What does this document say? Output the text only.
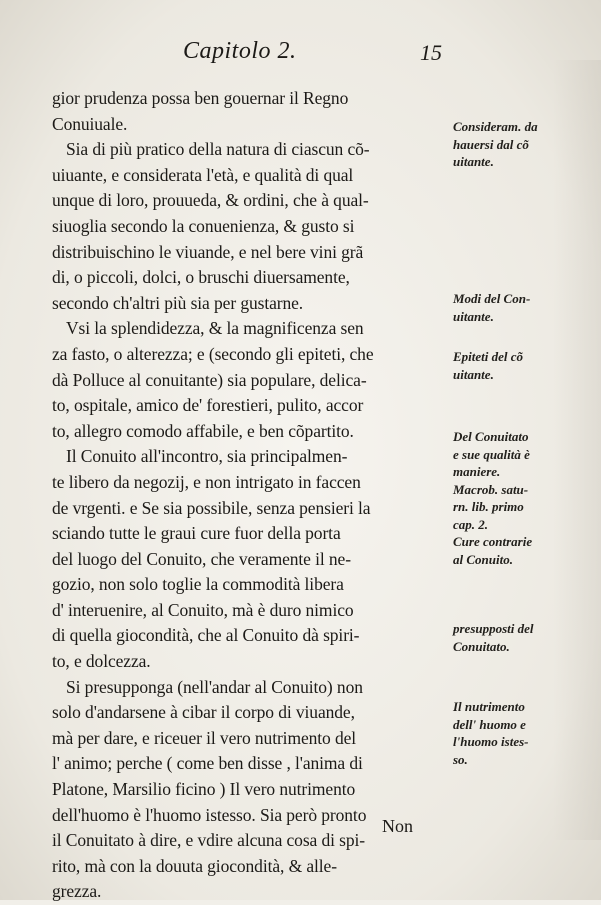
Capitolo 2.	15

gior prudenza possa ben gouernar il Regno
Conuiuale.

Sia di più pratico della natura di ciascun cõ-
uiuante, e considerata l'età, e qualità di qual
unque di loro, prouueda, & ordini, che à qual-
siuoglia secondo la conuenienza, & gusto si
distribuischino le viuande, e nel bere vini grã
di, o piccoli, dolci, o bruschi diuersamente,
secondo ch'altri più sia per gustarne.

Vsi la splendidezza, & la magnificenza sen
za fasto, o alterezza; e (secondo gli epiteti, che
dà Polluce al conuitante) sia populare, delica-
to, ospitale, amico de' forestieri, pulito, accor
to, allegro comodo affabile, e ben cõpartito.

Il Conuito all'incontro, sia principalmen-
te libero da negozij, e non intrigato in faccen
de vrgenti. e Se sia possibile, senza pensieri la
sciando tutte le graui cure fuor della porta
del luogo del Conuito, che veramente il ne-
gozio, non solo toglie la commodità libera
d' interuenire, al Conuito, mà è duro nimico
di quella giocondità, che al Conuito dà spiri-
to, e dolcezza.

Si presupponga (nell'andar al Conuito) non
solo d'andarsene à cibar il corpo di viuande,
mà per dare, e riceuer il vero nutrimento del
l' animo; perche ( come ben disse , l'anima di
Platone, Marsilio ficino ) Il vero nutrimento
dell'huomo è l'huomo istesso. Sia però pronto
il Conuitato à dire, e vdire alcuna cosa di spi-
rito, mà con la douuta giocondità, & alle-
grezza.

Non
Consideraт. da
hauersi dal cõ
uitante.
Modi del Con-
uitante.
Epiteti del cõ
uitante.
Del Conuitato
e sue qualità è
maniere.
Macrob. satu-
rn. lib. primo
cap. 2.
Cure contrarie
al Conuito.
presupposti del
Conuitato.
Il nutrimento
dell' huomo e
l'huomo istes-
so.
